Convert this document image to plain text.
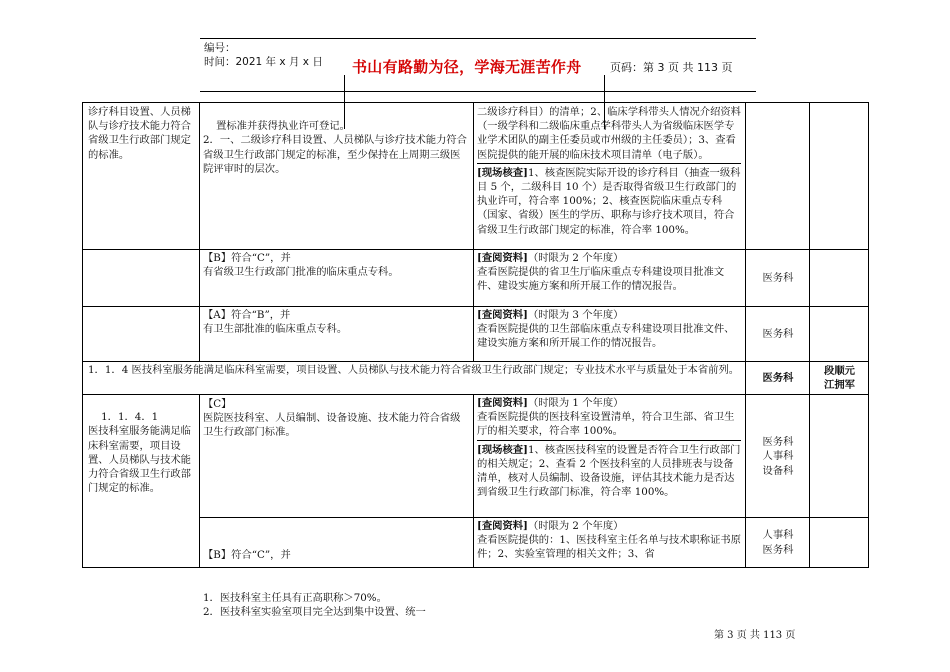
编号：
时间：2021 年 x 月 x 日 书山有路勤为径，学海无涯苦作舟	页码：第 3 页 共 113 页
诊疗科目设置、人员梯队与诊疗技术能力符合省级卫生行政部门规定的标准。

置标准并获得执业许可登记。
2．一、二级诊疗科目设置、人员梯队与诊疗技术能力符合省级卫生行政部门规定的标准，至少保持在上周期三级医院评审时的层次。

二级诊疗科目）的清单；2、临床学科带头人情况介绍资料（一级学科和二级临床重点学科带头人为省级临床医学专业学术团队的副主任委员或市州级的主任委员）；3、查看医院提供的能开展的临床技术项目清单（电子版）。
[现场核查]1、核查医院实际开设的诊疗科目（抽查一级科目 5 个，二级科目 10 个）是否取得省级卫生行政部门的执业许可，符合率 100%；2、核查医院临床重点专科（国家、省级）医生的学历、职称与诊疗技术项目，符合省级卫生行政部门规定的标准，符合率 100%。
【B】符合“C”，并
有省级卫生行政部门批准的临床重点专科。
[查阅资料]（时限为 2 个年度）
查看医院提供的省卫生厅临床重点专科建设项目批准文件、建设实施方案和所开展工作的情况报告。
医务科
【A】符合“B”，并
有卫生部批准的临床重点专科。
[查阅资料]（时限为 3 个年度）
查看医院提供的卫生部临床重点专科建设项目批准文件、建设实施方案和所开展工作的情况报告。
医务科
1．1．4 医技科室服务能满足临床科室需要，项目设置、人员梯队与技术能力符合省级卫生行政部门规定；专业技术水平与质量处于本省前列。
医务科
段顺元
江拥军

1．1．4．1
医技科室服务能满足临床科室需要，项目设置、人员梯队与技术能力符合省级卫生行政部门规定的标准。

【C】
医院医技科室、人员编制、设备设施、技术能力符合省级卫生行政部门标准。
[查阅资料]（时限为 1 个年度）
查看医院提供的医技科室设置清单，符合卫生部、省卫生厅的相关要求，符合率 100%。
[现场核查]1、核查医技科室的设置是否符合卫生行政部门的相关规定；2、查看 2 个医技科室的人员排班表与设备清单，核对人员编制、设备设施，评估其技术能力是否达到省级卫生行政部门标准，符合率 100%。
医务科
人事科
设备科

【B】符合“C”，并

1．医技科室主任具有正高职称＞70%。
2．医技科室实验室项目完全达到集中设置、统一

[查阅资料]（时限为 2 个年度）
查看医院提供的：1、医技科室主任名单与技术职称证书原件；2、实验室管理的相关文件；3、省
人事科
医务科
第 3 页 共 113 页
